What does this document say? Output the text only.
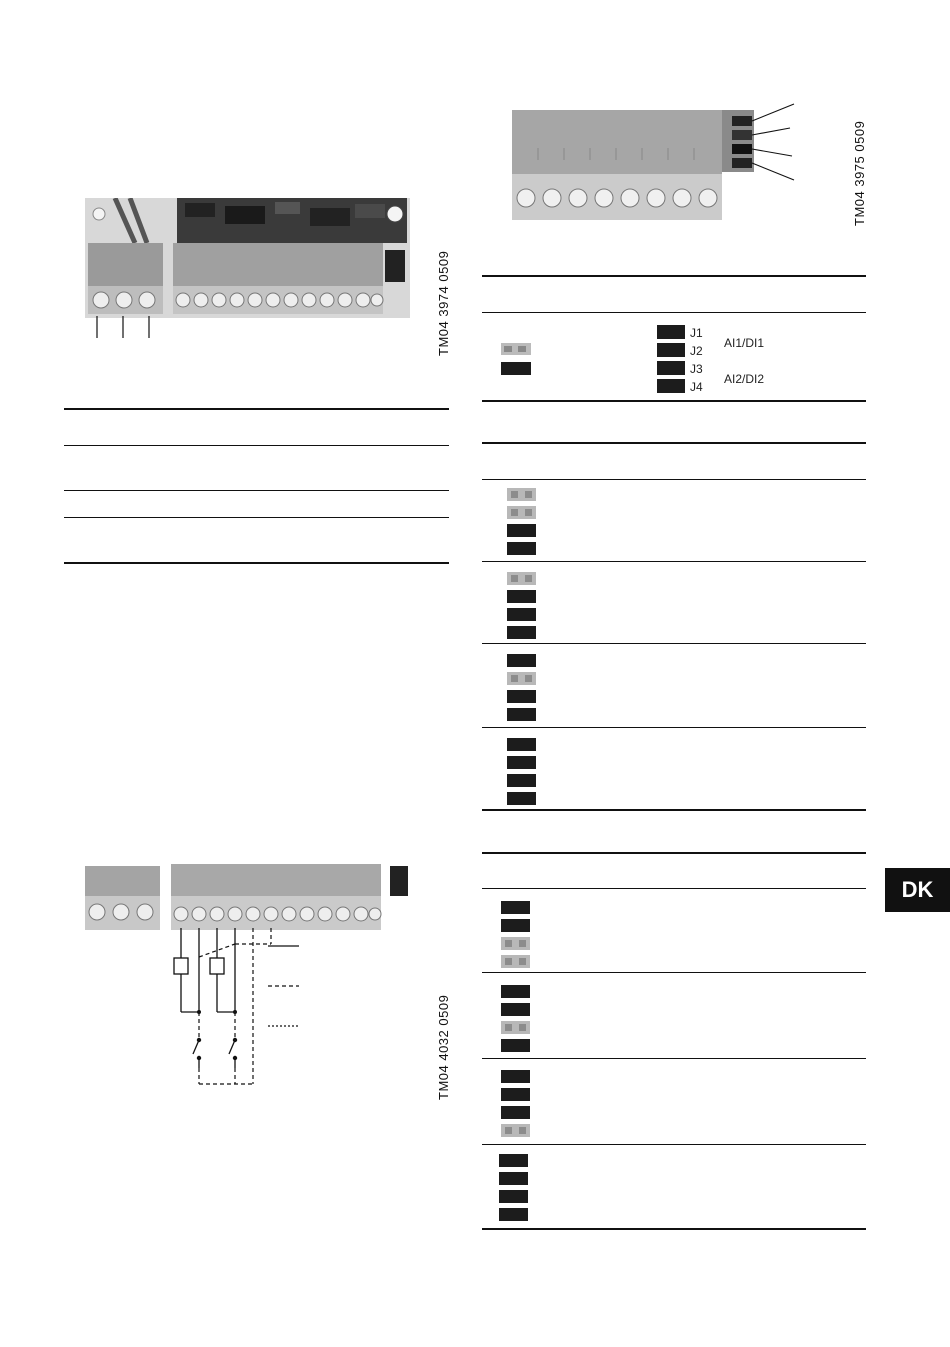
TM04 3974 0509
TM04 4032 0509
TM04 3975 0509
J1
J2
J3
J4
AI1/DI1
AI2/DI2
DK
